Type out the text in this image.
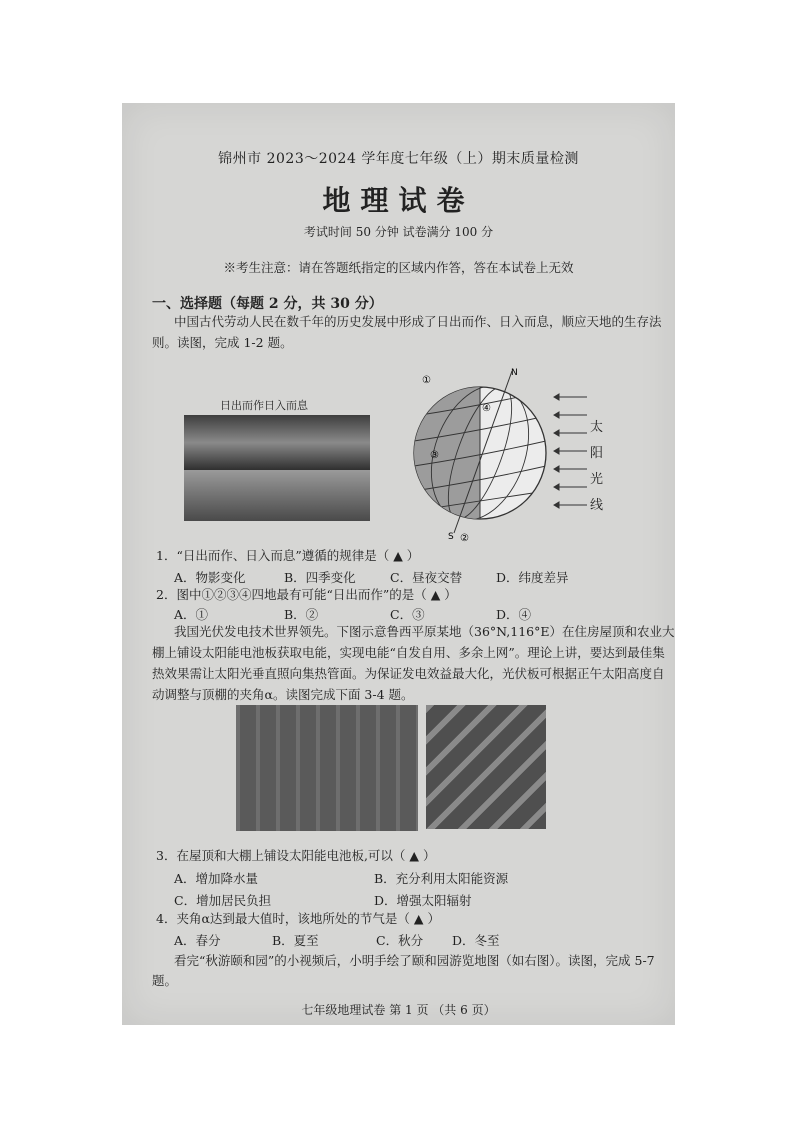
锦州市 2023～2024 学年度七年级（上）期末质量检测
地理试卷
考试时间 50 分钟 试卷满分 100 分
※考生注意：请在答题纸指定的区域内作答，答在本试卷上无效
一、选择题（每题 2 分，共 30 分）
中国古代劳动人民在数千年的历史发展中形成了日出而作、日入而息，顺应天地的生存法
则。读图，完成 1-2 题。
日出而作日入而息
N
S
①
②
③
④
太
阳
光
线
1．“日出而作、日入而息”遵循的规律是（ ▲ ）
A．物影变化	B．四季变化	C．昼夜交替	D．纬度差异
2．图中①②③④四地最有可能“日出而作”的是（ ▲ ）
A．①	B．②	C．③	D．④
我国光伏发电技术世界领先。下图示意鲁西平原某地（36°N,116°E）在住房屋顶和农业大
棚上铺设太阳能电池板获取电能，实现电能“自发自用、多余上网”。理论上讲，要达到最佳集
热效果需让太阳光垂直照向集热管面。为保证发电效益最大化，光伏板可根据正午太阳高度自
动调整与顶棚的夹角α。读图完成下面 3-4 题。
3．在屋顶和大棚上铺设太阳能电池板,可以（ ▲ ）
A．增加降水量	B．充分利用太阳能资源
C．增加居民负担	D．增强太阳辐射
4．夹角α达到最大值时，该地所处的节气是（ ▲ ）
A．春分	B．夏至	C．秋分 D．冬至
看完“秋游颐和园”的小视频后，小明手绘了颐和园游览地图（如右图）。读图，完成 5-7
题。
七年级地理试卷 第 1 页 （共 6 页）
